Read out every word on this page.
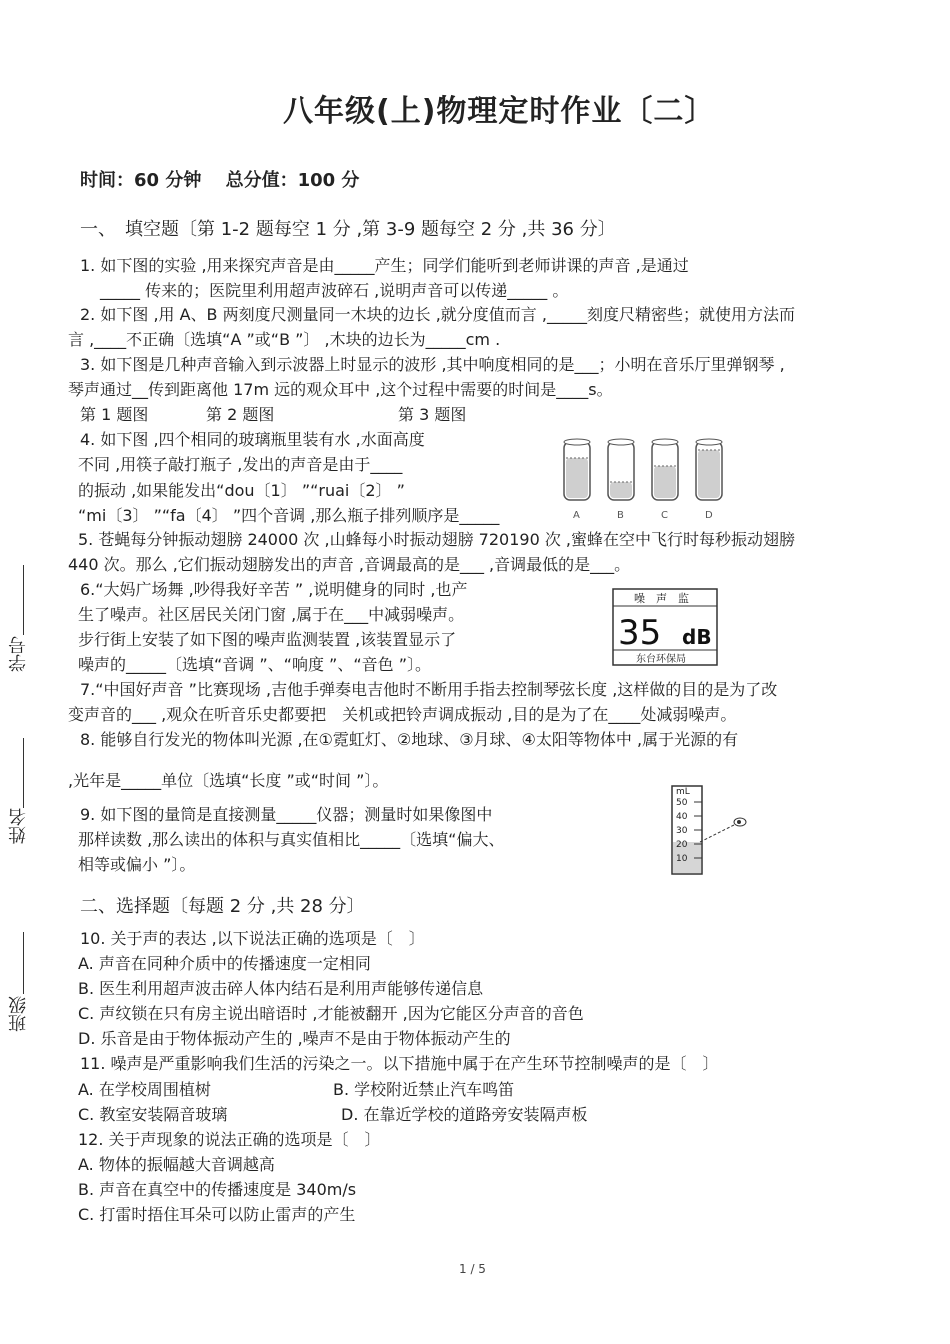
学号
姓名
班级
八年级(上)物理定时作业〔二〕
时间：60 分钟　 总分值：100 分
一、　填空题〔第 1-2 题每空 1 分 ,第 3-9 题每空 2 分 ,共 36 分〕
1. 如下图的实验 ,用来探究声音是由_____产生；同学们能听到老师讲课的声音 ,是通过
_____ 传来的；医院里利用超声波碎石 ,说明声音可以传递_____ 。
2. 如下图 ,用 A、B 两刻度尺测量同一木块的边长 ,就分度值而言 ,_____刻度尺精密些；就使用方法而
言 ,____不正确〔选填“A ”或“B ”〕 ,木块的边长为_____cm .
3. 如下图是几种声音输入到示波器上时显示的波形 ,其中响度相同的是___；小明在音乐厅里弹钢琴 ,
琴声通过__传到距离他 17m 远的观众耳中 ,这个过程中需要的时间是____s。
第 1 题图	第 2 题图	第 3 题图
4. 如下图 ,四个相同的玻璃瓶里装有水 ,水面高度
不同 ,用筷子敲打瓶子 ,发出的声音是由于____
的振动 ,如果能发出“dou〔1〕 ”“ruai〔2〕 ”
“mi〔3〕 ”“fa〔4〕 ”四个音调 ,那么瓶子排列顺序是_____	A	B	C	D
5. 苍蝇每分钟振动翅膀 24000 次 ,山蜂每小时振动翅膀 720190 次 ,蜜蜂在空中飞行时每秒振动翅膀
440 次。那么 ,它们振动翅膀发出的声音 ,音调最高的是___ ,音调最低的是___。
6.“大妈广场舞 ,吵得我好辛苦 ” ,说明健身的同时 ,也产
生了噪声。社区居民关闭门窗 ,属于在___中减弱噪声。
步行街上安装了如下图的噪声监测装置 ,该装置显示了
噪声的_____〔选填“音调 ”、“响度 ”、“音色 ”〕。
噪　声　监
35 dB
东台环保局
7.“中国好声音 ”比赛现场 ,吉他手弹奏电吉他时不断用手指去控制琴弦长度 ,这样做的目的是为了改
变声音的___ ,观众在听音乐史都要把　关机或把铃声调成振动 ,目的是为了在____处减弱噪声。
8. 能够自行发光的物体叫光源 ,在①霓虹灯、②地球、③月球、④太阳等物体中 ,属于光源的有
,光年是_____单位〔选填“长度 ”或“时间 ”〕。
9. 如下图的量筒是直接测量_____仪器；测量时如果像图中
那样读数 ,那么读出的体积与真实值相比_____〔选填“偏大、
相等或偏小 ”〕。
mL
50
40
30
20
10
二、选择题〔每题 2 分 ,共 28 分〕
10. 关于声的表达 ,以下说法正确的选项是〔　〕
A. 声音在同种介质中的传播速度一定相同
B. 医生利用超声波击碎人体内结石是利用声能够传递信息
C. 声纹锁在只有房主说出暗语时 ,才能被翻开 ,因为它能区分声音的音色
D. 乐音是由于物体振动产生的 ,噪声不是由于物体振动产生的
11. 噪声是严重影响我们生活的污染之一。以下措施中属于在产生环节控制噪声的是〔　〕
A. 在学校周围植树	B. 学校附近禁止汽车鸣笛
C. 教室安装隔音玻璃	D. 在靠近学校的道路旁安装隔声板
12. 关于声现象的说法正确的选项是〔　〕
A. 物体的振幅越大音调越高
B. 声音在真空中的传播速度是 340m/s
C. 打雷时捂住耳朵可以防止雷声的产生
1 / 5
